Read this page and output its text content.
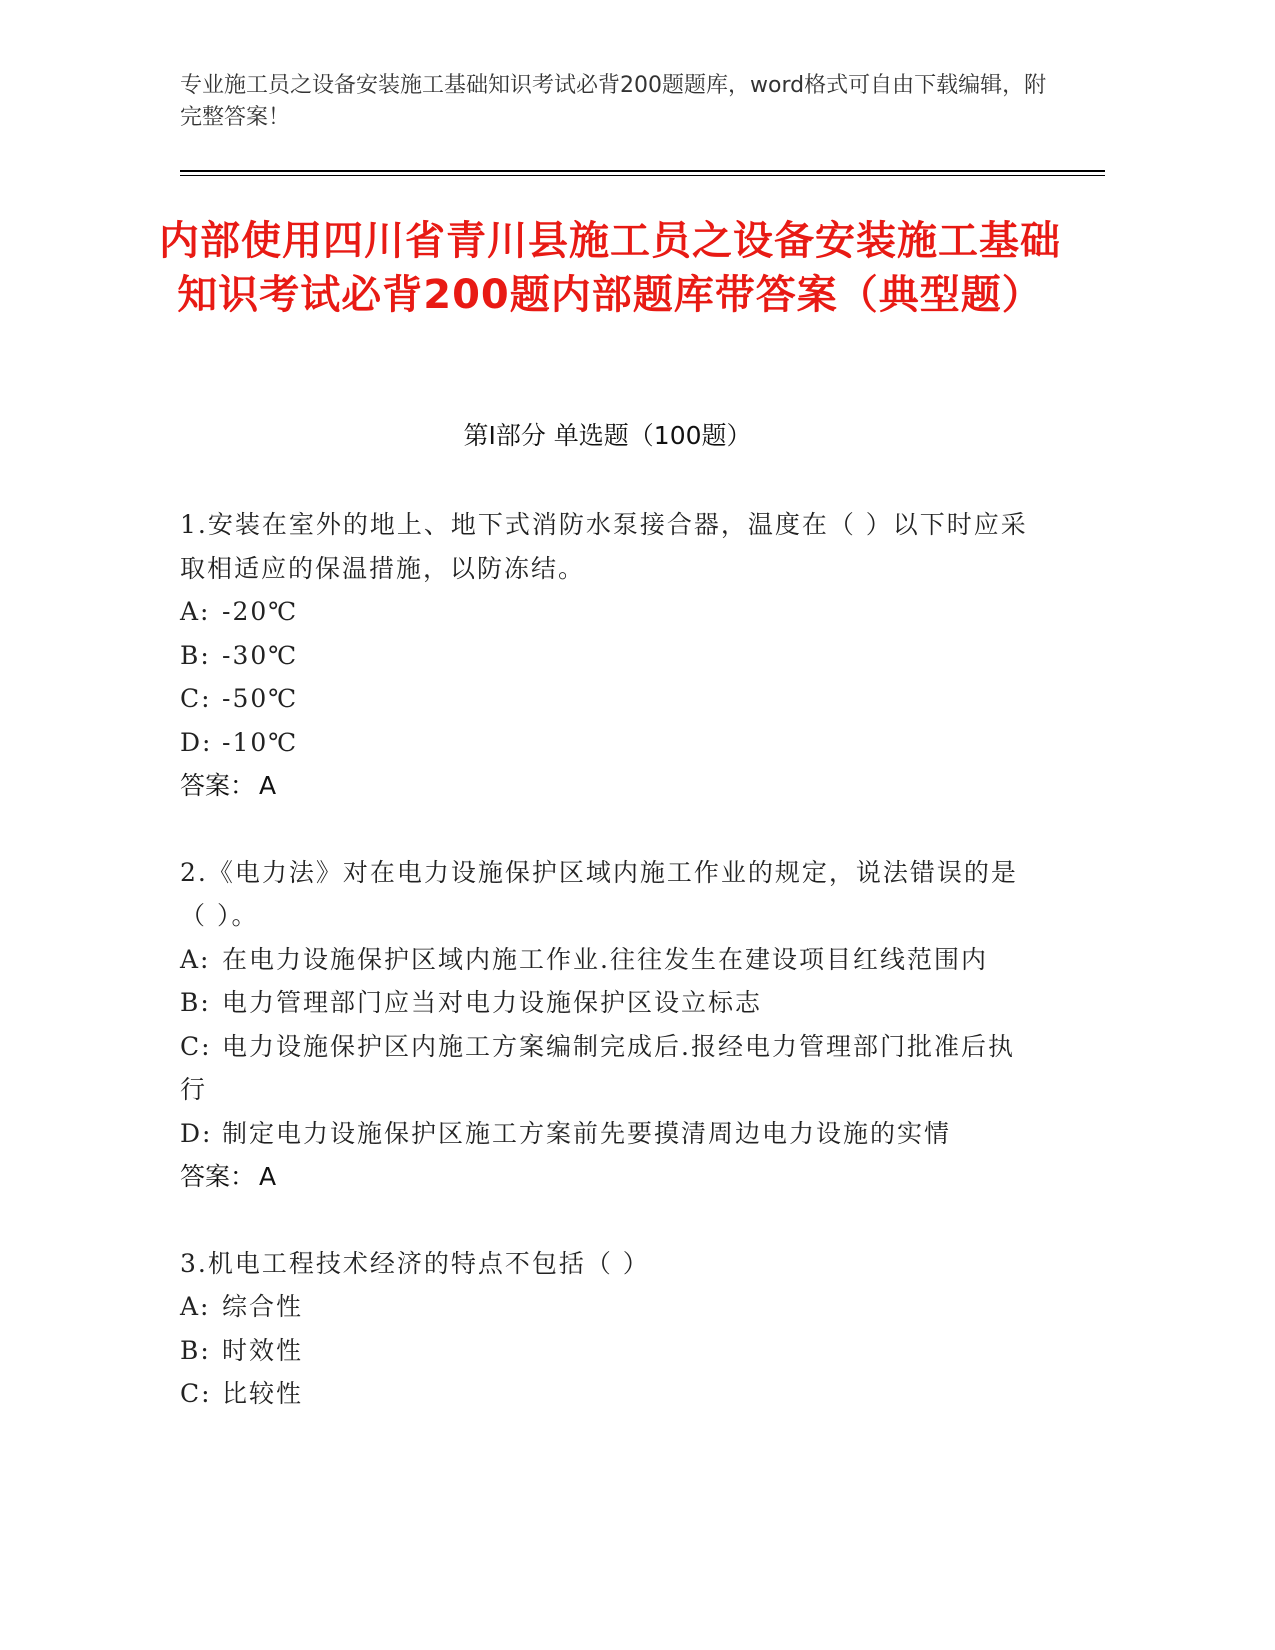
专业施工员之设备安装施工基础知识考试必背200题题库，word格式可自由下载编辑，附完整答案！
内部使用四川省青川县施工员之设备安装施工基础知识考试必背200题内部题库带答案（典型题）
第Ⅰ部分 单选题（100题）
1.安装在室外的地上、地下式消防水泵接合器，温度在（ ）以下时应采取相适应的保温措施，以防冻结。
A: -20℃
B: -30℃
C: -50℃
D: -10℃
答案： A
2.《电力法》对在电力设施保护区域内施工作业的规定，说法错误的是（ ）。
A: 在电力设施保护区域内施工作业.往往发生在建设项目红线范围内
B: 电力管理部门应当对电力设施保护区设立标志
C: 电力设施保护区内施工方案编制完成后.报经电力管理部门批准后执行
D: 制定电力设施保护区施工方案前先要摸清周边电力设施的实情
答案： A
3.机电工程技术经济的特点不包括（ ）
A: 综合性
B: 时效性
C: 比较性
